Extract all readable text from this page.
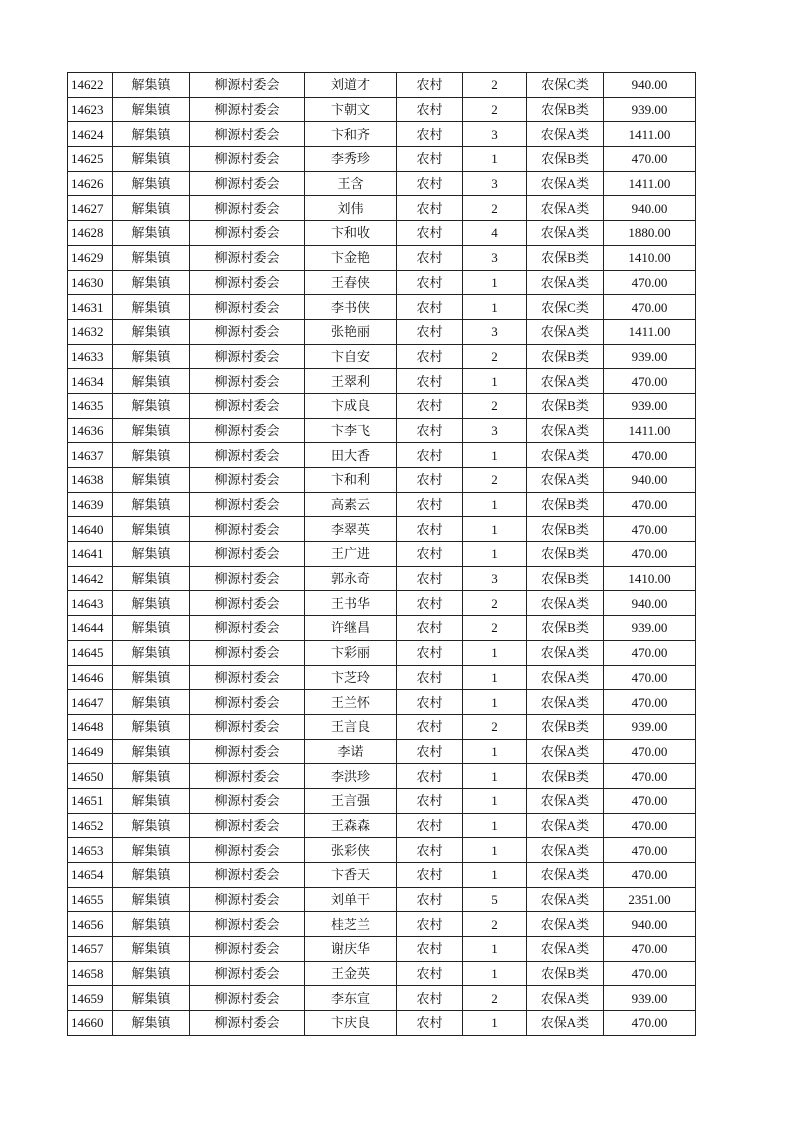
14622	解集镇	柳源村委会	刘道才	农村	2	农保C类	940.00
14623	解集镇	柳源村委会	卞朝文	农村	2	农保B类	939.00
14624	解集镇	柳源村委会	卞和齐	农村	3	农保A类	1411.00
14625	解集镇	柳源村委会	李秀珍	农村	1	农保B类	470.00
14626	解集镇	柳源村委会	王含	农村	3	农保A类	1411.00
14627	解集镇	柳源村委会	刘伟	农村	2	农保A类	940.00
14628	解集镇	柳源村委会	卞和收	农村	4	农保A类	1880.00
14629	解集镇	柳源村委会	卞金艳	农村	3	农保B类	1410.00
14630	解集镇	柳源村委会	王春侠	农村	1	农保A类	470.00
14631	解集镇	柳源村委会	李书侠	农村	1	农保C类	470.00
14632	解集镇	柳源村委会	张艳丽	农村	3	农保A类	1411.00
14633	解集镇	柳源村委会	卞自安	农村	2	农保B类	939.00
14634	解集镇	柳源村委会	王翠利	农村	1	农保A类	470.00
14635	解集镇	柳源村委会	卞成良	农村	2	农保B类	939.00
14636	解集镇	柳源村委会	卞李飞	农村	3	农保A类	1411.00
14637	解集镇	柳源村委会	田大香	农村	1	农保A类	470.00
14638	解集镇	柳源村委会	卞和利	农村	2	农保A类	940.00
14639	解集镇	柳源村委会	高素云	农村	1	农保B类	470.00
14640	解集镇	柳源村委会	李翠英	农村	1	农保B类	470.00
14641	解集镇	柳源村委会	王广进	农村	1	农保B类	470.00
14642	解集镇	柳源村委会	郭永奇	农村	3	农保B类	1410.00
14643	解集镇	柳源村委会	王书华	农村	2	农保A类	940.00
14644	解集镇	柳源村委会	许继昌	农村	2	农保B类	939.00
14645	解集镇	柳源村委会	卞彩丽	农村	1	农保A类	470.00
14646	解集镇	柳源村委会	卞芝玲	农村	1	农保A类	470.00
14647	解集镇	柳源村委会	王兰怀	农村	1	农保A类	470.00
14648	解集镇	柳源村委会	王言良	农村	2	农保B类	939.00
14649	解集镇	柳源村委会	李诺	农村	1	农保A类	470.00
14650	解集镇	柳源村委会	李洪珍	农村	1	农保B类	470.00
14651	解集镇	柳源村委会	王言强	农村	1	农保A类	470.00
14652	解集镇	柳源村委会	王森森	农村	1	农保A类	470.00
14653	解集镇	柳源村委会	张彩侠	农村	1	农保A类	470.00
14654	解集镇	柳源村委会	卞香天	农村	1	农保A类	470.00
14655	解集镇	柳源村委会	刘单干	农村	5	农保A类	2351.00
14656	解集镇	柳源村委会	桂芝兰	农村	2	农保A类	940.00
14657	解集镇	柳源村委会	谢庆华	农村	1	农保A类	470.00
14658	解集镇	柳源村委会	王金英	农村	1	农保B类	470.00
14659	解集镇	柳源村委会	李东宣	农村	2	农保A类	939.00
14660	解集镇	柳源村委会	卞庆良	农村	1	农保A类	470.00
